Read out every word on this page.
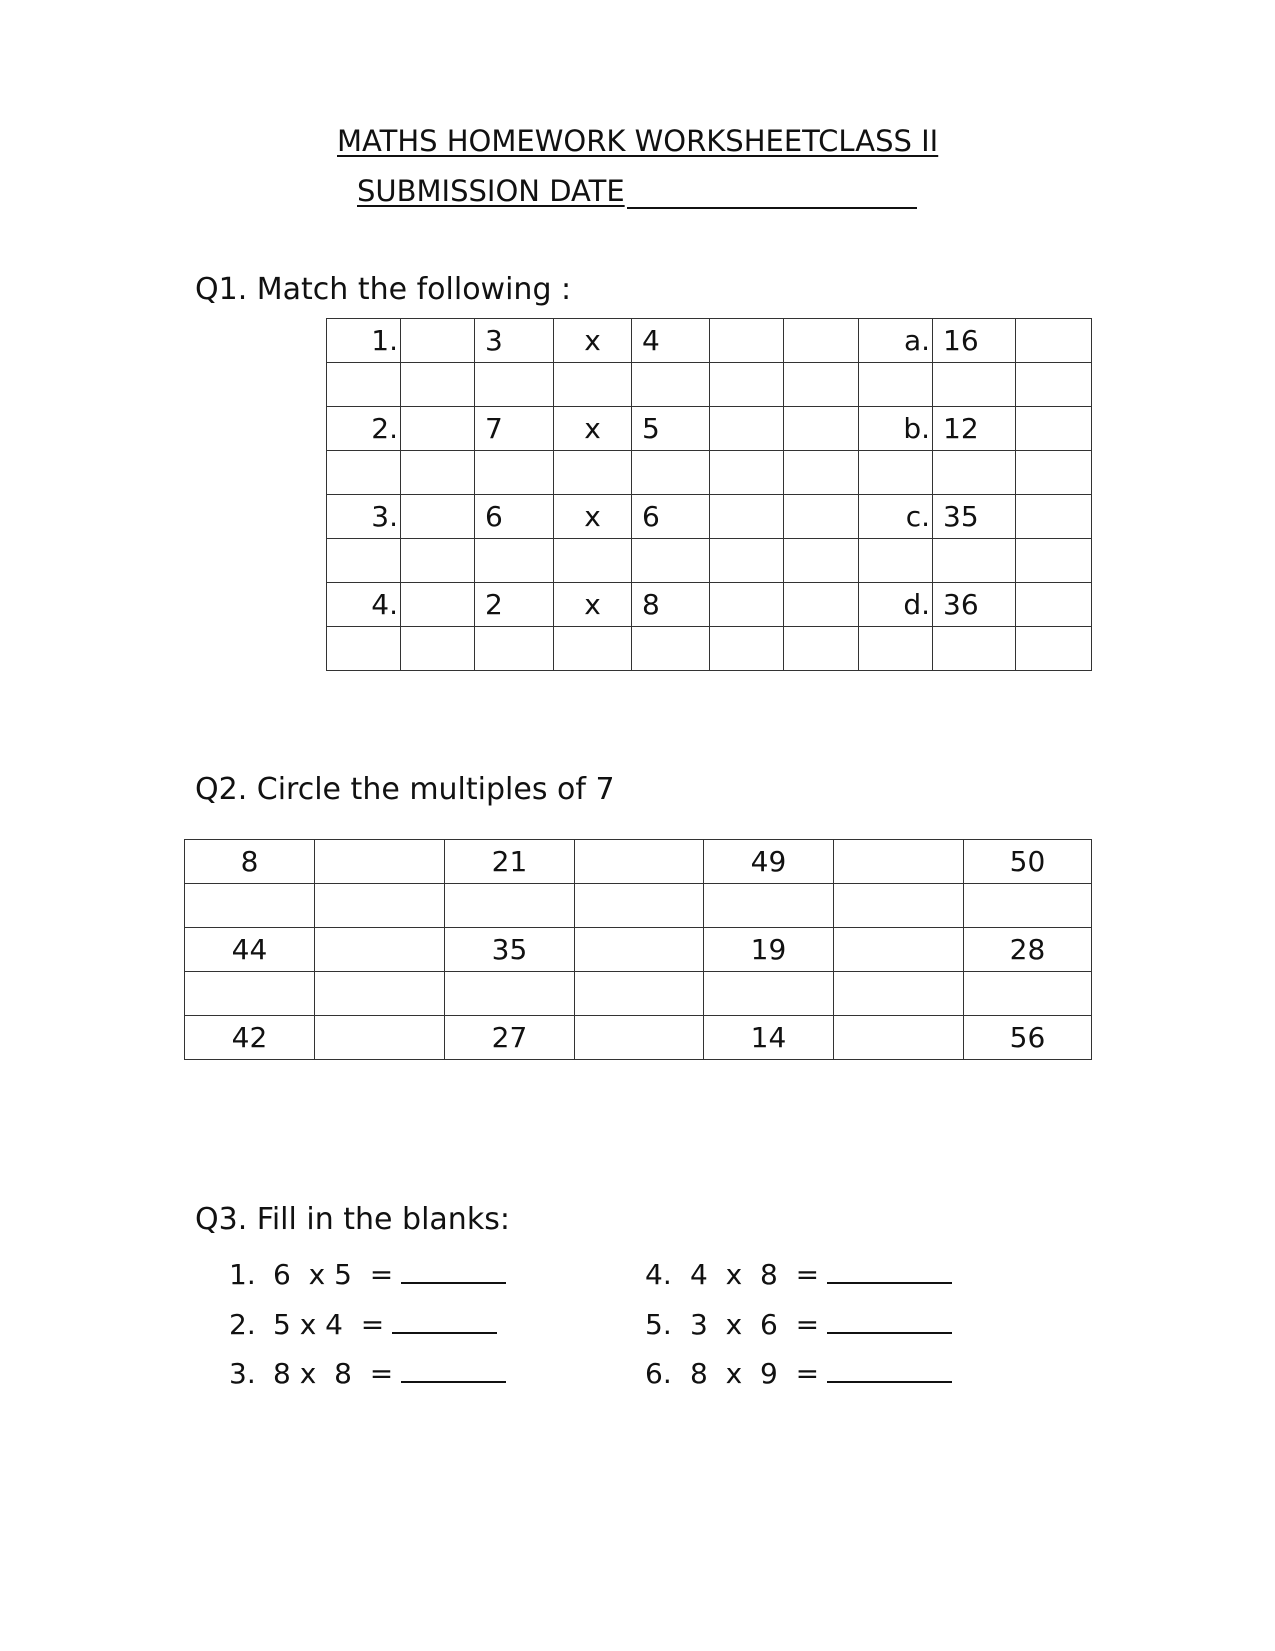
MATHS HOMEWORK WORKSHEETCLASS II
SUBMISSION DATE
Q1. Match the following :
1.		3	x	4			a.	16	

2.		7	x	5			b.	12	

3.		6	x	6			c.	35	

4.		2	x	8			d.	36	

Q2. Circle the multiples of 7
8		21		49		50

44		35		19		28

42		27		14		56
Q3. Fill in the blanks:
1. 6  x 5  =
2. 5 x 4  =
3. 8 x  8  =
4. 4  x  8  =
5. 3  x  6  =
6. 8  x  9  =
